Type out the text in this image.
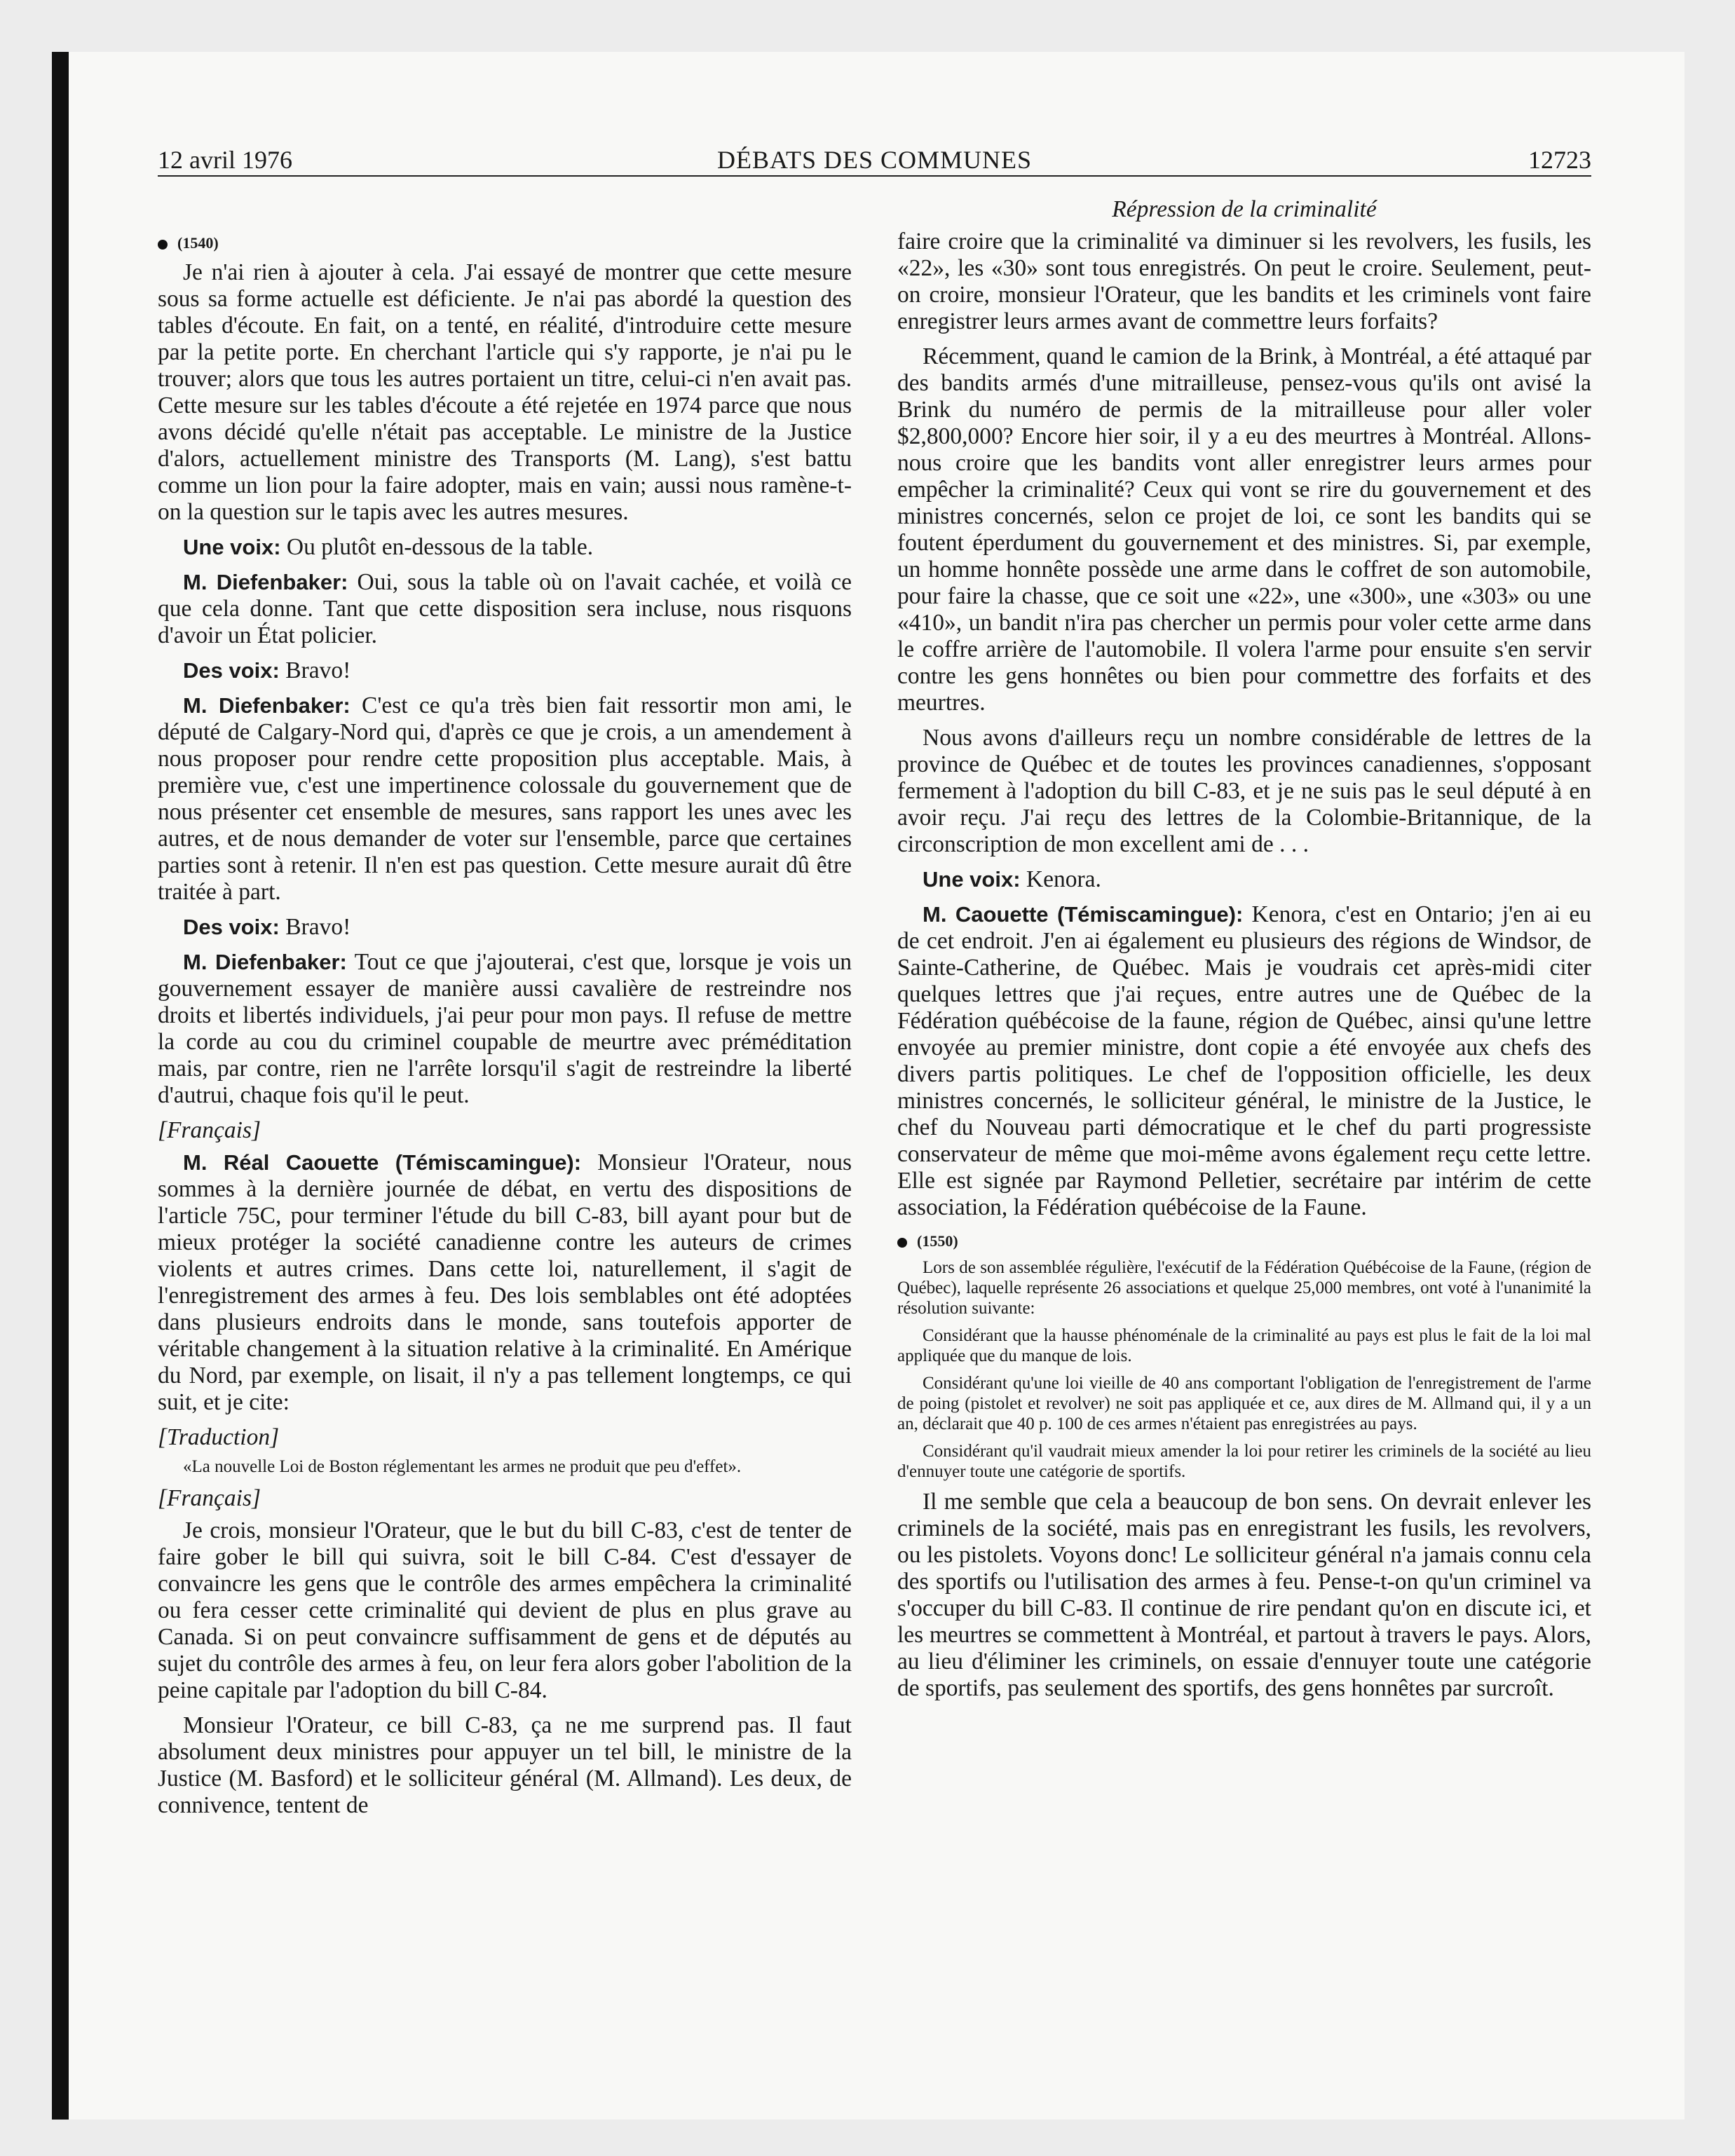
12 avril 1976	DÉBATS DES COMMUNES	12723
(1540)

Je n'ai rien à ajouter à cela. J'ai essayé de montrer que cette mesure sous sa forme actuelle est déficiente. Je n'ai pas abordé la question des tables d'écoute. En fait, on a tenté, en réalité, d'introduire cette mesure par la petite porte. En cherchant l'article qui s'y rapporte, je n'ai pu le trouver; alors que tous les autres portaient un titre, celui-ci n'en avait pas. Cette mesure sur les tables d'écoute a été rejetée en 1974 parce que nous avons décidé qu'elle n'était pas acceptable. Le ministre de la Justice d'alors, actuellement ministre des Transports (M. Lang), s'est battu comme un lion pour la faire adopter, mais en vain; aussi nous ramène-t-on la question sur le tapis avec les autres mesures.

Une voix: Ou plutôt en-dessous de la table.

M. Diefenbaker: Oui, sous la table où on l'avait cachée, et voilà ce que cela donne. Tant que cette disposition sera incluse, nous risquons d'avoir un État policier.

Des voix: Bravo!

M. Diefenbaker: C'est ce qu'a très bien fait ressortir mon ami, le député de Calgary-Nord qui, d'après ce que je crois, a un amendement à nous proposer pour rendre cette proposition plus acceptable. Mais, à première vue, c'est une impertinence colossale du gouvernement que de nous présenter cet ensemble de mesures, sans rapport les unes avec les autres, et de nous demander de voter sur l'ensemble, parce que certaines parties sont à retenir. Il n'en est pas question. Cette mesure aurait dû être traitée à part.

Des voix: Bravo!

M. Diefenbaker: Tout ce que j'ajouterai, c'est que, lorsque je vois un gouvernement essayer de manière aussi cavalière de restreindre nos droits et libertés individuels, j'ai peur pour mon pays. Il refuse de mettre la corde au cou du criminel coupable de meurtre avec préméditation mais, par contre, rien ne l'arrête lorsqu'il s'agit de restreindre la liberté d'autrui, chaque fois qu'il le peut.

[Français]

M. Réal Caouette (Témiscamingue): Monsieur l'Orateur, nous sommes à la dernière journée de débat, en vertu des dispositions de l'article 75C, pour terminer l'étude du bill C-83, bill ayant pour but de mieux protéger la société canadienne contre les auteurs de crimes violents et autres crimes. Dans cette loi, naturellement, il s'agit de l'enregistrement des armes à feu. Des lois semblables ont été adoptées dans plusieurs endroits dans le monde, sans toutefois apporter de véritable changement à la situation relative à la criminalité. En Amérique du Nord, par exemple, on lisait, il n'y a pas tellement longtemps, ce qui suit, et je cite:

[Traduction]
«La nouvelle Loi de Boston réglementant les armes ne produit que peu d'effet».
[Français]

Je crois, monsieur l'Orateur, que le but du bill C-83, c'est de tenter de faire gober le bill qui suivra, soit le bill C-84. C'est d'essayer de convaincre les gens que le contrôle des armes empêchera la criminalité ou fera cesser cette criminalité qui devient de plus en plus grave au Canada. Si on peut convaincre suffisamment de gens et de députés au sujet du contrôle des armes à feu, on leur fera alors gober l'abolition de la peine capitale par l'adoption du bill C-84.

Monsieur l'Orateur, ce bill C-83, ça ne me surprend pas. Il faut absolument deux ministres pour appuyer un tel bill, le ministre de la Justice (M. Basford) et le solliciteur général (M. Allmand). Les deux, de connivence, tentent de

Répression de la criminalité

faire croire que la criminalité va diminuer si les revolvers, les fusils, les «22», les «30» sont tous enregistrés. On peut le croire. Seulement, peut-on croire, monsieur l'Orateur, que les bandits et les criminels vont faire enregistrer leurs armes avant de commettre leurs forfaits?

Récemment, quand le camion de la Brink, à Montréal, a été attaqué par des bandits armés d'une mitrailleuse, pensez-vous qu'ils ont avisé la Brink du numéro de permis de la mitrailleuse pour aller voler $2,800,000? Encore hier soir, il y a eu des meurtres à Montréal. Allons-nous croire que les bandits vont aller enregistrer leurs armes pour empêcher la criminalité? Ceux qui vont se rire du gouvernement et des ministres concernés, selon ce projet de loi, ce sont les bandits qui se foutent éperdument du gouvernement et des ministres. Si, par exemple, un homme honnête possède une arme dans le coffret de son automobile, pour faire la chasse, que ce soit une «22», une «300», une «303» ou une «410», un bandit n'ira pas chercher un permis pour voler cette arme dans le coffre arrière de l'automobile. Il volera l'arme pour ensuite s'en servir contre les gens honnêtes ou bien pour commettre des forfaits et des meurtres.

Nous avons d'ailleurs reçu un nombre considérable de lettres de la province de Québec et de toutes les provinces canadiennes, s'opposant fermement à l'adoption du bill C-83, et je ne suis pas le seul député à en avoir reçu. J'ai reçu des lettres de la Colombie-Britannique, de la circonscription de mon excellent ami de . . .

Une voix: Kenora.

M. Caouette (Témiscamingue): Kenora, c'est en Ontario; j'en ai eu de cet endroit. J'en ai également eu plusieurs des régions de Windsor, de Sainte-Catherine, de Québec. Mais je voudrais cet après-midi citer quelques lettres que j'ai reçues, entre autres une de Québec de la Fédération québécoise de la faune, région de Québec, ainsi qu'une lettre envoyée au premier ministre, dont copie a été envoyée aux chefs des divers partis politiques. Le chef de l'opposition officielle, les deux ministres concernés, le solliciteur général, le ministre de la Justice, le chef du Nouveau parti démocratique et le chef du parti progressiste conservateur de même que moi-même avons également reçu cette lettre. Elle est signée par Raymond Pelletier, secrétaire par intérim de cette association, la Fédération québécoise de la Faune.

(1550)
Lors de son assemblée régulière, l'exécutif de la Fédération Québécoise de la Faune, (région de Québec), laquelle représente 26 associations et quelque 25,000 membres, ont voté à l'unanimité la résolution suivante:
Considérant que la hausse phénoménale de la criminalité au pays est plus le fait de la loi mal appliquée que du manque de lois.
Considérant qu'une loi vieille de 40 ans comportant l'obligation de l'enregistrement de l'arme de poing (pistolet et revolver) ne soit pas appliquée et ce, aux dires de M. Allmand qui, il y a un an, déclarait que 40 p. 100 de ces armes n'étaient pas enregistrées au pays.
Considérant qu'il vaudrait mieux amender la loi pour retirer les criminels de la société au lieu d'ennuyer toute une catégorie de sportifs.

Il me semble que cela a beaucoup de bon sens. On devrait enlever les criminels de la société, mais pas en enregistrant les fusils, les revolvers, ou les pistolets. Voyons donc! Le solliciteur général n'a jamais connu cela des sportifs ou l'utilisation des armes à feu. Pense-t-on qu'un criminel va s'occuper du bill C-83. Il continue de rire pendant qu'on en discute ici, et les meurtres se commettent à Montréal, et partout à travers le pays. Alors, au lieu d'éliminer les criminels, on essaie d'ennuyer toute une catégorie de sportifs, pas seulement des sportifs, des gens honnêtes par surcroît.
